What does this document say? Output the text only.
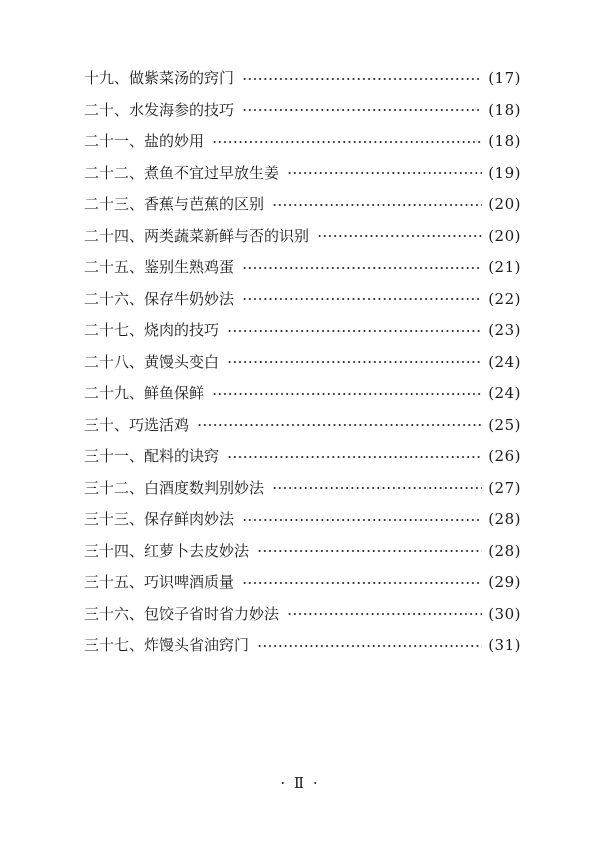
十九、做紫菜汤的窍门	(17)
二十、水发海参的技巧	(18)
二十一、盐的妙用	(18)
二十二、煮鱼不宜过早放生姜	(19)
二十三、香蕉与芭蕉的区别	(20)
二十四、两类蔬菜新鲜与否的识别	(20)
二十五、鉴别生熟鸡蛋	(21)
二十六、保存牛奶妙法	(22)
二十七、烧肉的技巧	(23)
二十八、黄馒头变白	(24)
二十九、鲜鱼保鲜	(24)
三十、巧选活鸡	(25)
三十一、配料的诀窍	(26)
三十二、白酒度数判别妙法	(27)
三十三、保存鲜肉妙法	(28)
三十四、红萝卜去皮妙法	(28)
三十五、巧识啤酒质量	(29)
三十六、包饺子省时省力妙法	(30)
三十七、炸馒头省油窍门	(31)
· Ⅱ ·
